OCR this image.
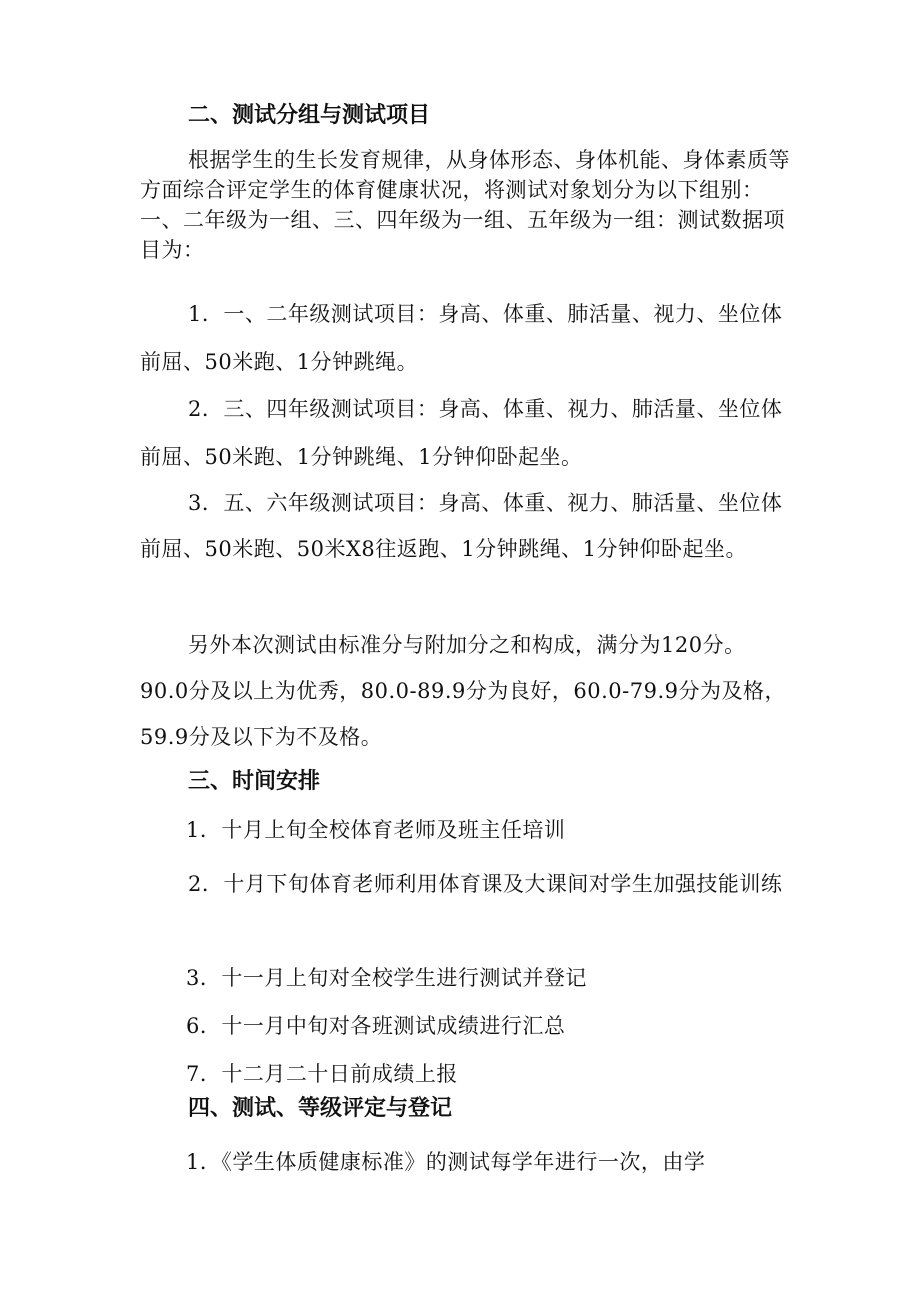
二、测试分组与测试项目

根据学生的生长发育规律，从身体形态、身体机能、身体素质等方面综合评定学生的体育健康状况，将测试对象划分为以下组别：一、二年级为一组、三、四年级为一组、五年级为一组：测试数据项目为：

1．一、二年级测试项目：身高、体重、肺活量、视力、坐位体前屈、50米跑、1分钟跳绳。

2．三、四年级测试项目：身高、体重、视力、肺活量、坐位体前屈、50米跑、1分钟跳绳、1分钟仰卧起坐。

3．五、六年级测试项目：身高、体重、视力、肺活量、坐位体前屈、50米跑、50米X8往返跑、1分钟跳绳、1分钟仰卧起坐。

另外本次测试由标准分与附加分之和构成，满分为120分。90.0分及以上为优秀，80.0-89.9分为良好，60.0-79.9分为及格，59.9分及以下为不及格。

三、时间安排

1．十月上旬全校体育老师及班主任培训

2．十月下旬体育老师利用体育课及大课间对学生加强技能训练

3．十一月上旬对全校学生进行测试并登记

6．十一月中旬对各班测试成绩进行汇总

7．十二月二十日前成绩上报

四、测试、等级评定与登记

1．《学生体质健康标准》的测试每学年进行一次，由学
